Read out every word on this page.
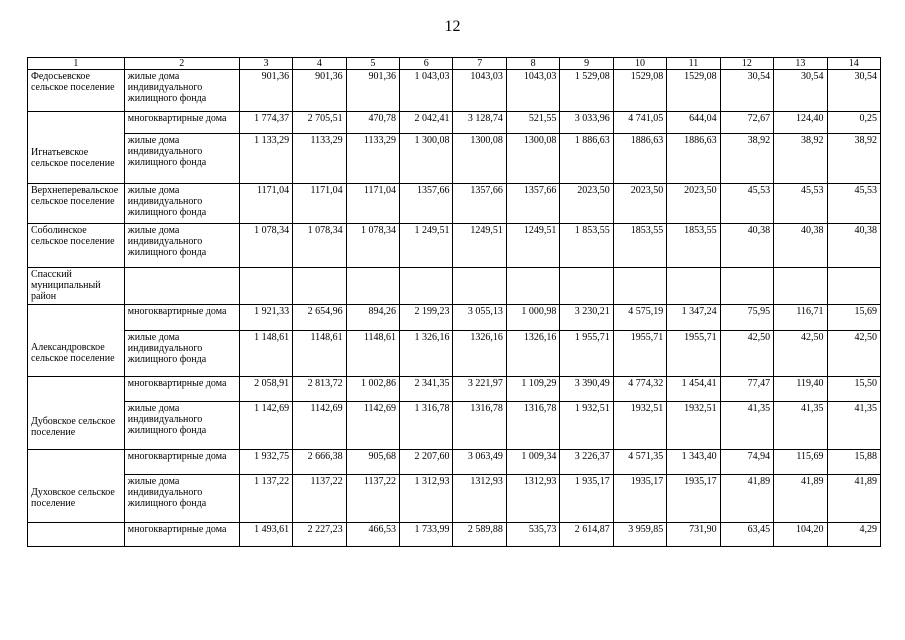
12
1	2	3	4	5	6	7	8	9	10	11	12	13	14

Федосьевское сельское поселение	жилые дома индивидуального жилищного фонда	901,36	901,36	901,36	1 043,03	1043,03	1043,03	1 529,08	1529,08	1529,08	30,54	30,54	30,54

Игнатьевское сельское поселение	многоквартирные дома	1 774,37	2 705,51	470,78	2 042,41	3 128,74	521,55	3 033,96	4 741,05	644,04	72,67	124,40	0,25
	жилые дома индивидуального жилищного фонда	1 133,29	1133,29	1133,29	1 300,08	1300,08	1300,08	1 886,63	1886,63	1886,63	38,92	38,92	38,92

Верхнеперевальское сельское поселение	жилые дома индивидуального жилищного фонда	1171,04	1171,04	1171,04	1357,66	1357,66	1357,66	2023,50	2023,50	2023,50	45,53	45,53	45,53

Соболинское сельское поселение	жилые дома индивидуального жилищного фонда	1 078,34	1 078,34	1 078,34	1 249,51	1249,51	1249,51	1 853,55	1853,55	1853,55	40,38	40,38	40,38

Спасский муниципальный район													

Александровское сельское поселение	многоквартирные дома	1 921,33	2 654,96	894,26	2 199,23	3 055,13	1 000,98	3 230,21	4 575,19	1 347,24	75,95	116,71	15,69
	жилые дома индивидуального жилищного фонда	1 148,61	1148,61	1148,61	1 326,16	1326,16	1326,16	1 955,71	1955,71	1955,71	42,50	42,50	42,50

Дубовское сельское поселение	многоквартирные дома	2 058,91	2 813,72	1 002,86	2 341,35	3 221,97	1 109,29	3 390,49	4 774,32	1 454,41	77,47	119,40	15,50
	жилые дома индивидуального жилищного фонда	1 142,69	1142,69	1142,69	1 316,78	1316,78	1316,78	1 932,51	1932,51	1932,51	41,35	41,35	41,35

Духовское сельское поселение	многоквартирные дома	1 932,75	2 666,38	905,68	2 207,60	3 063,49	1 009,34	3 226,37	4 571,35	1 343,40	74,94	115,69	15,88
	жилые дома индивидуального жилищного фонда	1 137,22	1137,22	1137,22	1 312,93	1312,93	1312,93	1 935,17	1935,17	1935,17	41,89	41,89	41,89

	многоквартирные дома	1 493,61	2 227,23	466,53	1 733,99	2 589,88	535,73	2 614,87	3 959,85	731,90	63,45	104,20	4,29
